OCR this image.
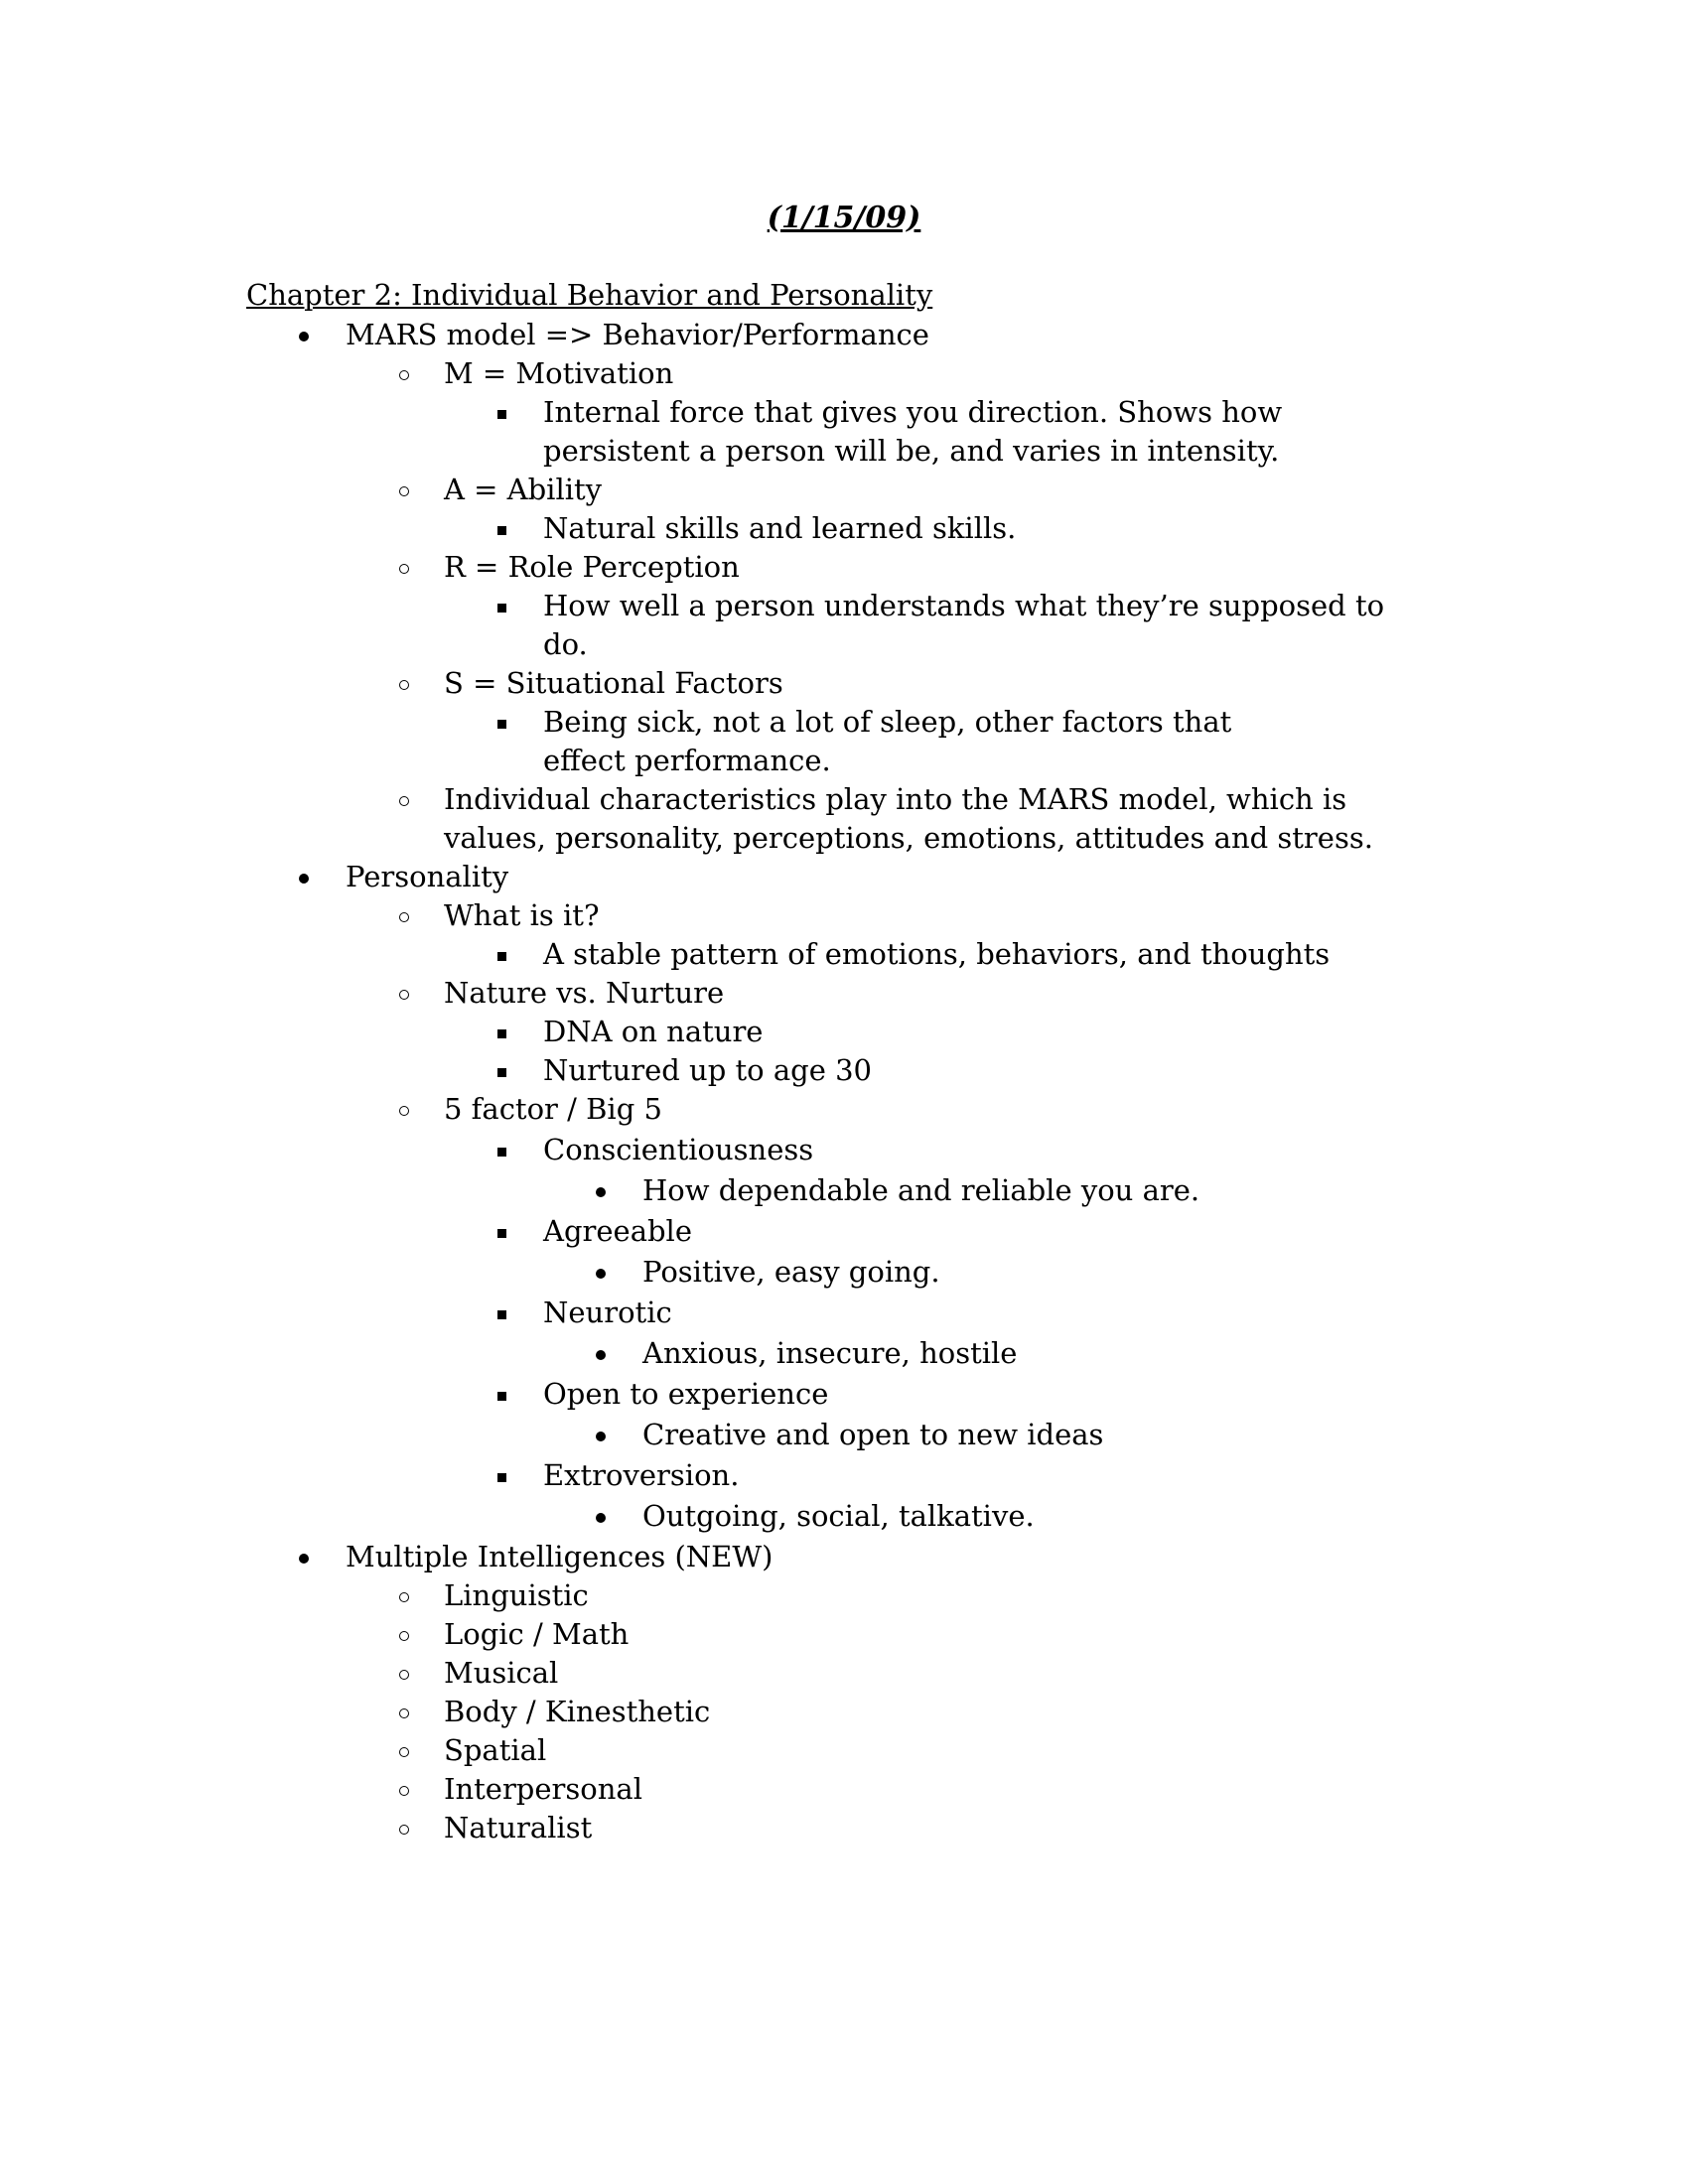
(1/15/09)
Chapter 2: Individual Behavior and Personality
MARS model => Behavior/Performance
M = Motivation
Internal force that gives you direction. Shows how persistent a person will be, and varies in intensity.
A = Ability
Natural skills and learned skills.
R = Role Perception
How well a person understands what they’re supposed to do.
S = Situational Factors
Being sick, not a lot of sleep, other factors that effect performance.
Individual characteristics play into the MARS model, which is values, personality, perceptions, emotions, attitudes and stress.
Personality
What is it?
A stable pattern of emotions, behaviors, and thoughts
Nature vs. Nurture
DNA on nature
Nurtured up to age 30
5 factor / Big 5
Conscientiousness
How dependable and reliable you are.
Agreeable
Positive, easy going.
Neurotic
Anxious, insecure, hostile
Open to experience
Creative and open to new ideas
Extroversion.
Outgoing, social, talkative.
Multiple Intelligences (NEW)
Linguistic
Logic / Math
Musical
Body / Kinesthetic
Spatial
Interpersonal
Naturalist
